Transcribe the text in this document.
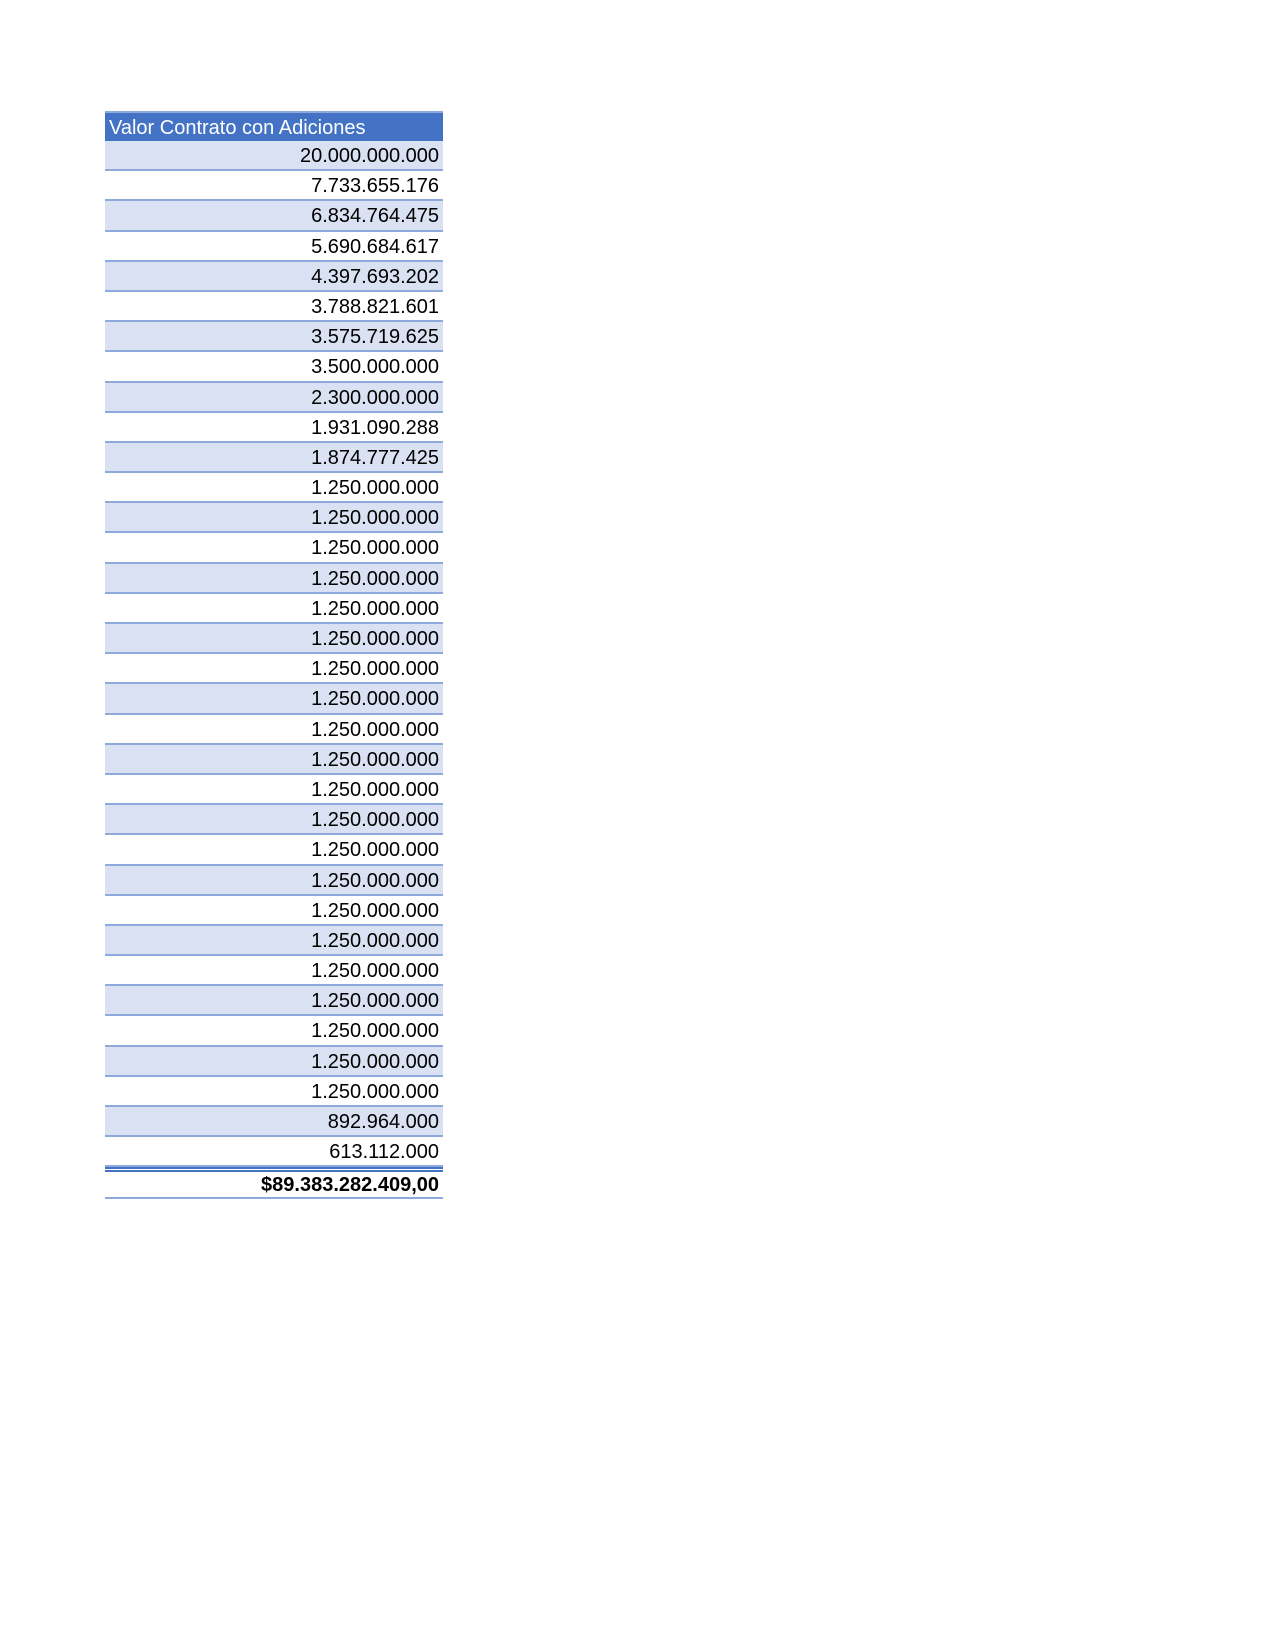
Valor Contrato con Adiciones
20.000.000.000
7.733.655.176
6.834.764.475
5.690.684.617
4.397.693.202
3.788.821.601
3.575.719.625
3.500.000.000
2.300.000.000
1.931.090.288
1.874.777.425
1.250.000.000
1.250.000.000
1.250.000.000
1.250.000.000
1.250.000.000
1.250.000.000
1.250.000.000
1.250.000.000
1.250.000.000
1.250.000.000
1.250.000.000
1.250.000.000
1.250.000.000
1.250.000.000
1.250.000.000
1.250.000.000
1.250.000.000
1.250.000.000
1.250.000.000
1.250.000.000
1.250.000.000
892.964.000
613.112.000
$89.383.282.409,00
